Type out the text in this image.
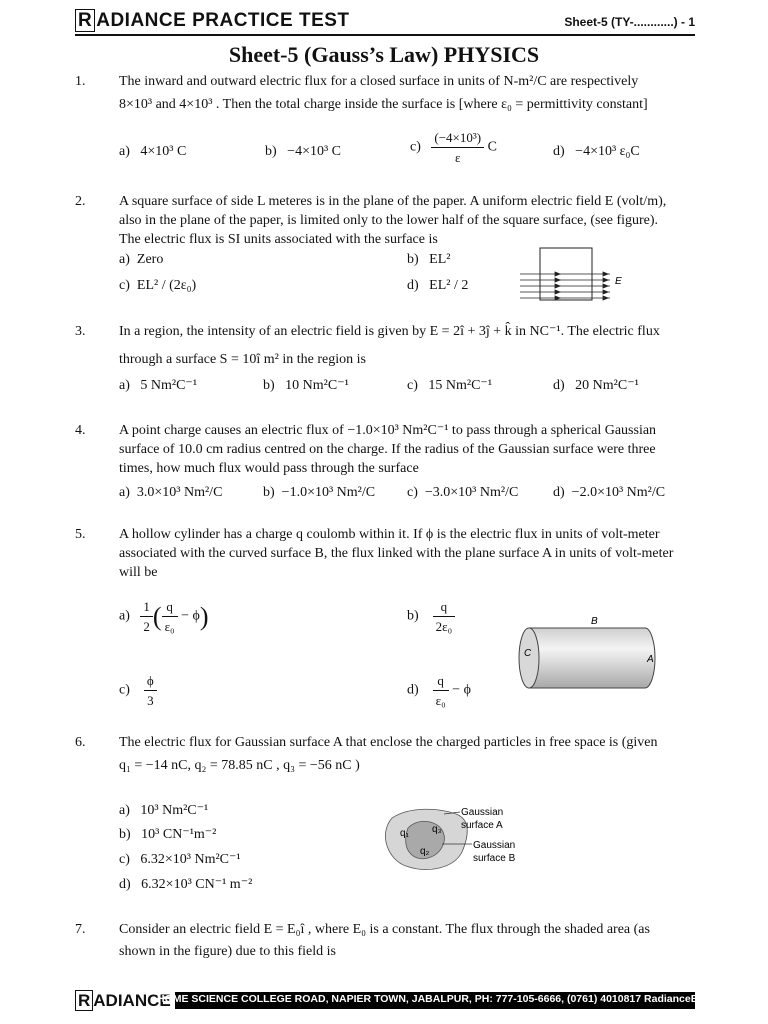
R ADIANCE PRACTICE TEST	Sheet-5 (TY-............) - 1
Sheet-5 (Gauss’s Law) PHYSICS
1. The inward and outward electric flux for a closed surface in units of N-m²/C are respectively
8×10³ and 4×10³ . Then the total charge inside the surface is [where ε₀ = permittivity constant]
a) 4×10³ C	b) −4×10³ C	$c) \frac{\text{(−4×10³)}}{\varepsilon}$ C	d) −4×10³ ε₀C
2. A square surface of side L meteres is in the plane of the paper. A uniform electric field E (volt/m),
also in the plane of the paper, is limited only to the lower half of the square surface, (see figure).
The electric flux is SI units associated with the surface is
a) Zero	b) EL²
c) EL² / (2ε₀)	d) EL² / 2	E
3. In a region, the intensity of an electric field is given by E = 2î + 3ĵ + k̂ in NC⁻¹. The electric flux
through a surface S = 10î m² in the region is
a) 5 Nm²C⁻¹	b) 10 Nm²C⁻¹	c) 15 Nm²C⁻¹	d) 20 Nm²C⁻¹
4. A point charge causes an electric flux of −1.0×10³ Nm²C⁻¹ to pass through a spherical Gaussian
surface of 10.0 cm radius centred on the charge. If the radius of the Gaussian surface were three
times, how much flux would pass through the surface
a) 3.0×10³ Nm²/C	b) −1.0×10³ Nm²/C c) −3.0×10³ Nm²/C d) −2.0×10³ Nm²/C
5. A hollow cylinder has a charge q coulomb within it. If ϕ is the electric flux in units of volt-meter
associated with the curved surface B, the flux linked with the plane surface A in units of volt-meter
will be
$a) \frac{1}{2}$ ( $\frac{q}{\text{ε₀}} - \phi$)	$b) \frac{q}{\text{2ε₀}}$
$c) \frac{\phi}{3}$	$d) \frac{q}{\text{ε₀}} - \phi$
B
C
A
6. The electric flux for Gaussian surface A that enclose the charged particles in free space is (given
q₁ = −14 nC, q₂ = 78.85 nC , q₃ = −56 nC )
a) 10³ Nm²C⁻¹
b) 10³ CN⁻¹m⁻²
c) 6.32×10³ Nm²C⁻¹
d) 6.32×10³ CN⁻¹ m⁻²
q₁ q₃
q₂
Gaussian
surface A
Gaussian
surface B
7. Consider an electric field E = E₀î , where E₀ is a constant. The flux through the shaded area (as
shown in the figure) due to this field is
R ADIANCE
HOME SCIENCE COLLEGE ROAD, NAPIER TOWN, JABALPUR, PH: 777-105-6666, (0761) 4010817 RadianceEducation.com
